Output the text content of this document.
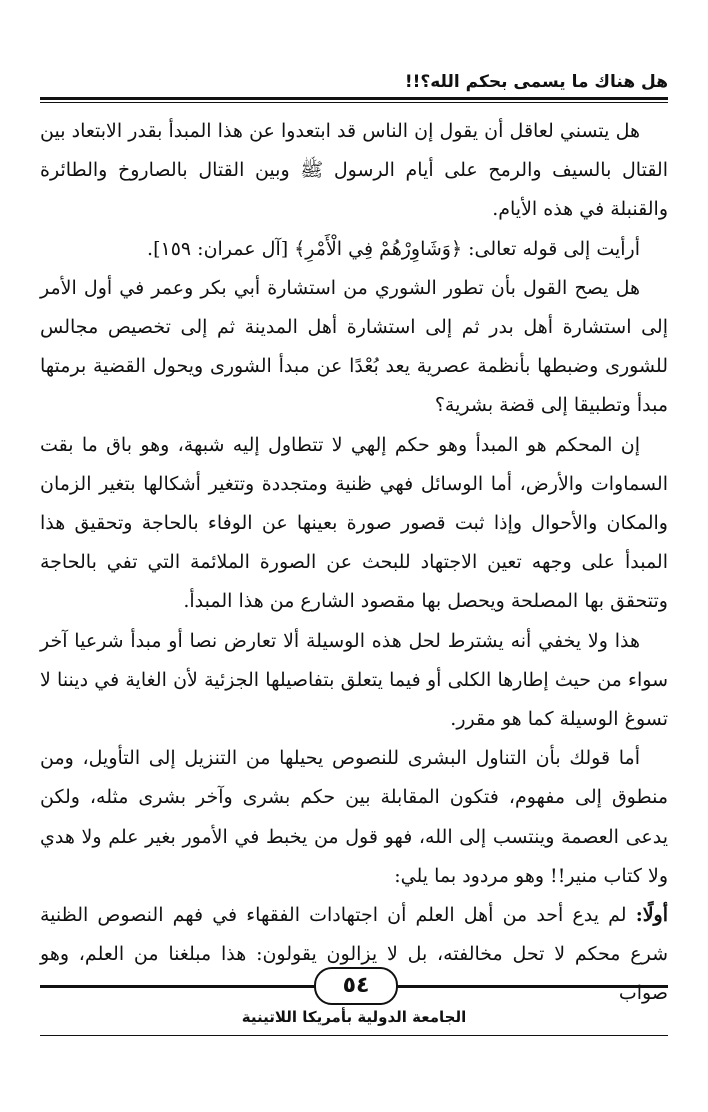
هل هناك ما يسمى بحكم الله؟!!

هل يتسني لعاقل أن يقول إن الناس قد ابتعدوا عن هذا المبدأ بقدر الابتعاد بين القتال بالسيف والرمح على أيام الرسول ﷺ وبين القتال بالصاروخ والطائرة والقنبلة في هذه الأيام.

أرأيت إلى قوله تعالى: ﴿وَشَاوِرْهُمْ فِي الْأَمْرِ﴾ [آل عمران: ١٥٩].

هل يصح القول بأن تطور الشوري من استشارة أبي بكر وعمر في أول الأمر إلى استشارة أهل بدر ثم إلى استشارة أهل المدينة ثم إلى تخصيص مجالس للشورى وضبطها بأنظمة عصرية يعد بُعْدًا عن مبدأ الشورى ويحول القضية برمتها مبدأ وتطبيقا إلى قضة بشرية؟

إن المحكم هو المبدأ وهو حكم إلهي لا تتطاول إليه شبهة، وهو باق ما بقت السماوات والأرض، أما الوسائل فهي ظنية ومتجددة وتتغير أشكالها بتغير الزمان والمكان والأحوال وإذا ثبت قصور صورة بعينها عن الوفاء بالحاجة وتحقيق هذا المبدأ على وجهه تعين الاجتهاد للبحث عن الصورة الملائمة التي تفي بالحاجة وتتحقق بها المصلحة ويحصل بها مقصود الشارع من هذا المبدأ.

هذا ولا يخفي أنه يشترط لحل هذه الوسيلة ألا تعارض نصا أو مبدأ شرعيا آخر سواء من حيث إطارها الكلى أو فيما يتعلق بتفاصيلها الجزئية لأن الغاية في ديننا لا تسوغ الوسيلة كما هو مقرر.

أما قولك بأن التناول البشرى للنصوص يحيلها من التنزيل إلى التأويل، ومن منطوق إلى مفهوم، فتكون المقابلة بين حكم بشرى وآخر بشرى مثله، ولكن يدعى العصمة وينتسب إلى الله، فهو قول من يخبط في الأمور بغير علم ولا هدي ولا كتاب منير!! وهو مردود بما يلي:

أولًا: لم يدع أحد من أهل العلم أن اجتهادات الفقهاء في فهم النصوص الظنية شرع محكم لا تحل مخالفته، بل لا يزالون يقولون: هذا مبلغنا من العلم، وهو صواب

٥٤
الجامعة الدولية بأمريكا اللاتينية
